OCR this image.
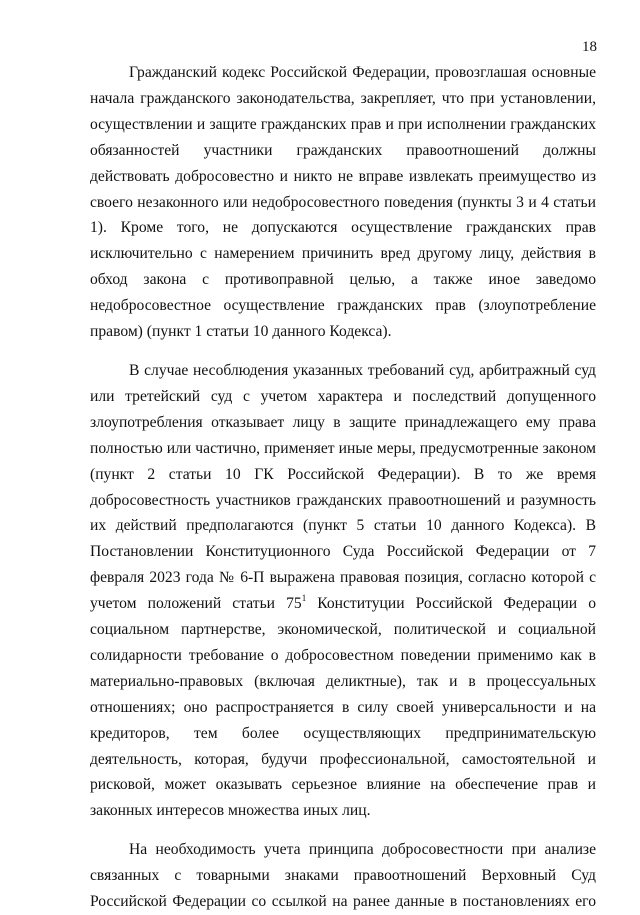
18

Гражданский кодекс Российской Федерации, провозглашая основные начала гражданского законодательства, закрепляет, что при установлении, осуществлении и защите гражданских прав и при исполнении гражданских обязанностей участники гражданских правоотношений должны действовать добросовестно и никто не вправе извлекать преимущество из своего незаконного или недобросовестного поведения (пункты 3 и 4 статьи 1). Кроме того, не допускаются осуществление гражданских прав исключительно с намерением причинить вред другому лицу, действия в обход закона с противоправной целью, а также иное заведомо недобросовестное осуществление гражданских прав (злоупотребление правом) (пункт 1 статьи 10 данного Кодекса).

В случае несоблюдения указанных требований суд, арбитражный суд или третейский суд с учетом характера и последствий допущенного злоупотребления отказывает лицу в защите принадлежащего ему права полностью или частично, применяет иные меры, предусмотренные законом (пункт 2 статьи 10 ГК Российской Федерации). В то же время добросовестность участников гражданских правоотношений и разумность их действий предполагаются (пункт 5 статьи 10 данного Кодекса). В Постановлении Конституционного Суда Российской Федерации от 7 февраля 2023 года № 6-П выражена правовая позиция, согласно которой с учетом положений статьи $75^1$ Конституции Российской Федерации о социальном партнерстве, экономической, политической и социальной солидарности требование о добросовестном поведении применимо как в материально-правовых (включая деликтные), так и в процессуальных отношениях; оно распространяется в силу своей универсальности и на кредиторов, тем более осуществляющих предпринимательскую деятельность, которая, будучи профессиональной, самостоятельной и рисковой, может оказывать серьезное влияние на обеспечение прав и законных интересов множества иных лиц.

На необходимость учета принципа добросовестности при анализе связанных с товарными знаками правоотношений Верховный Суд Российской Федерации со ссылкой на ранее данные в постановлениях его
